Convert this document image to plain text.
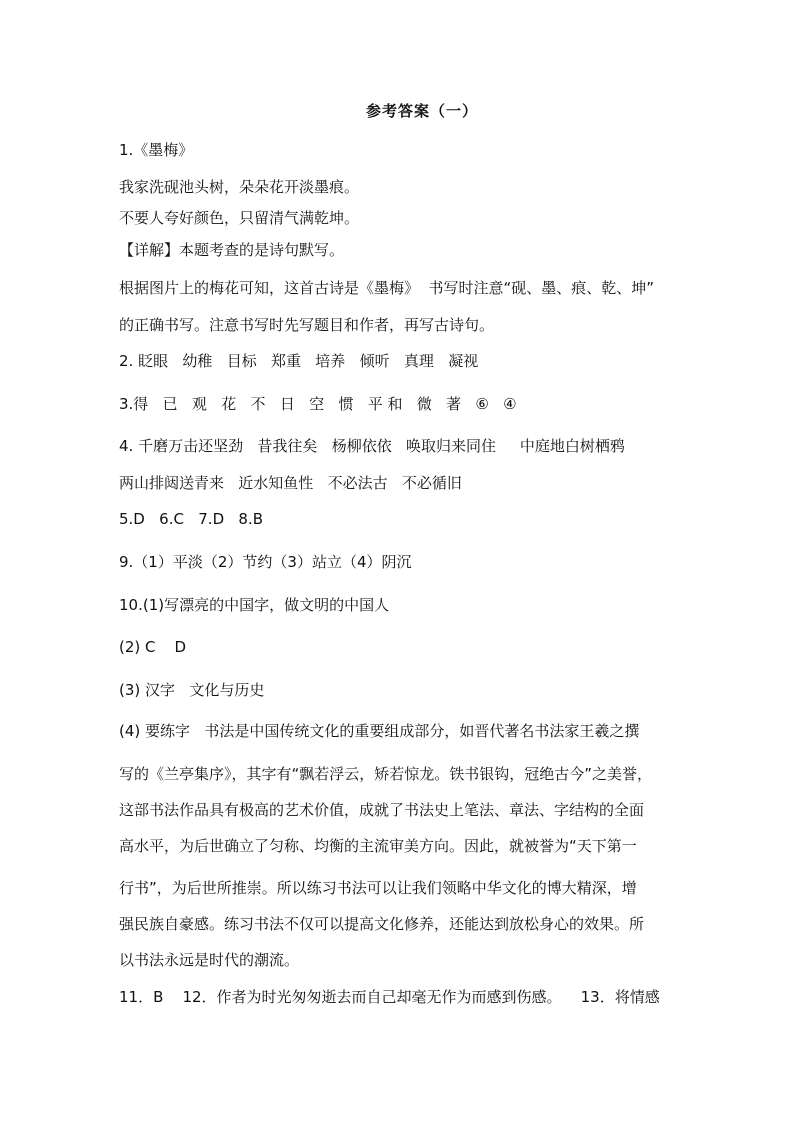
参考答案（一）
1.《墨梅》
我家洗砚池头树，朵朵花开淡墨痕。
不要人夸好颜色，只留清气满乾坤。
【详解】本题考查的是诗句默写。
根据图片上的梅花可知，这首古诗是《墨梅》  书写时注意“砚、墨、痕、乾、坤”
的正确书写。注意书写时先写题目和作者，再写古诗句。
2. 眨眼   幼稚   目标   郑重   培养   倾听   真理   凝视
3.得   已   观   花   不   日   空   惯   平 和   微   著   ⑥   ④
4. 千磨万击还坚劲   昔我往矣   杨柳依依   唤取归来同住     中庭地白树栖鸦
两山排闼送青来   近水知鱼性   不必法古   不必循旧
5.D   6.C   7.D   8.B
9.（1）平淡（2）节约（3）站立（4）阴沉
10.(1)写漂亮的中国字，做文明的中国人
(2) C    D
(3) 汉字   文化与历史
(4) 要练字   书法是中国传统文化的重要组成部分，如晋代著名书法家王羲之撰
写的《兰亭集序》，其字有“飘若浮云，矫若惊龙。铁书银钩，冠绝古今”之美誉，
这部书法作品具有极高的艺术价值，成就了书法史上笔法、章法、字结构的全面
高水平，为后世确立了匀称、均衡的主流审美方向。因此，就被誉为“天下第一
行书”，为后世所推崇。所以练习书法可以让我们领略中华文化的博大精深，增
强民族自豪感。练习书法不仅可以提高文化修养，还能达到放松身心的效果。所
以书法永远是时代的潮流。
11．B    12．作者为时光匆匆逝去而自己却毫无作为而感到伤感。    13．将情感
